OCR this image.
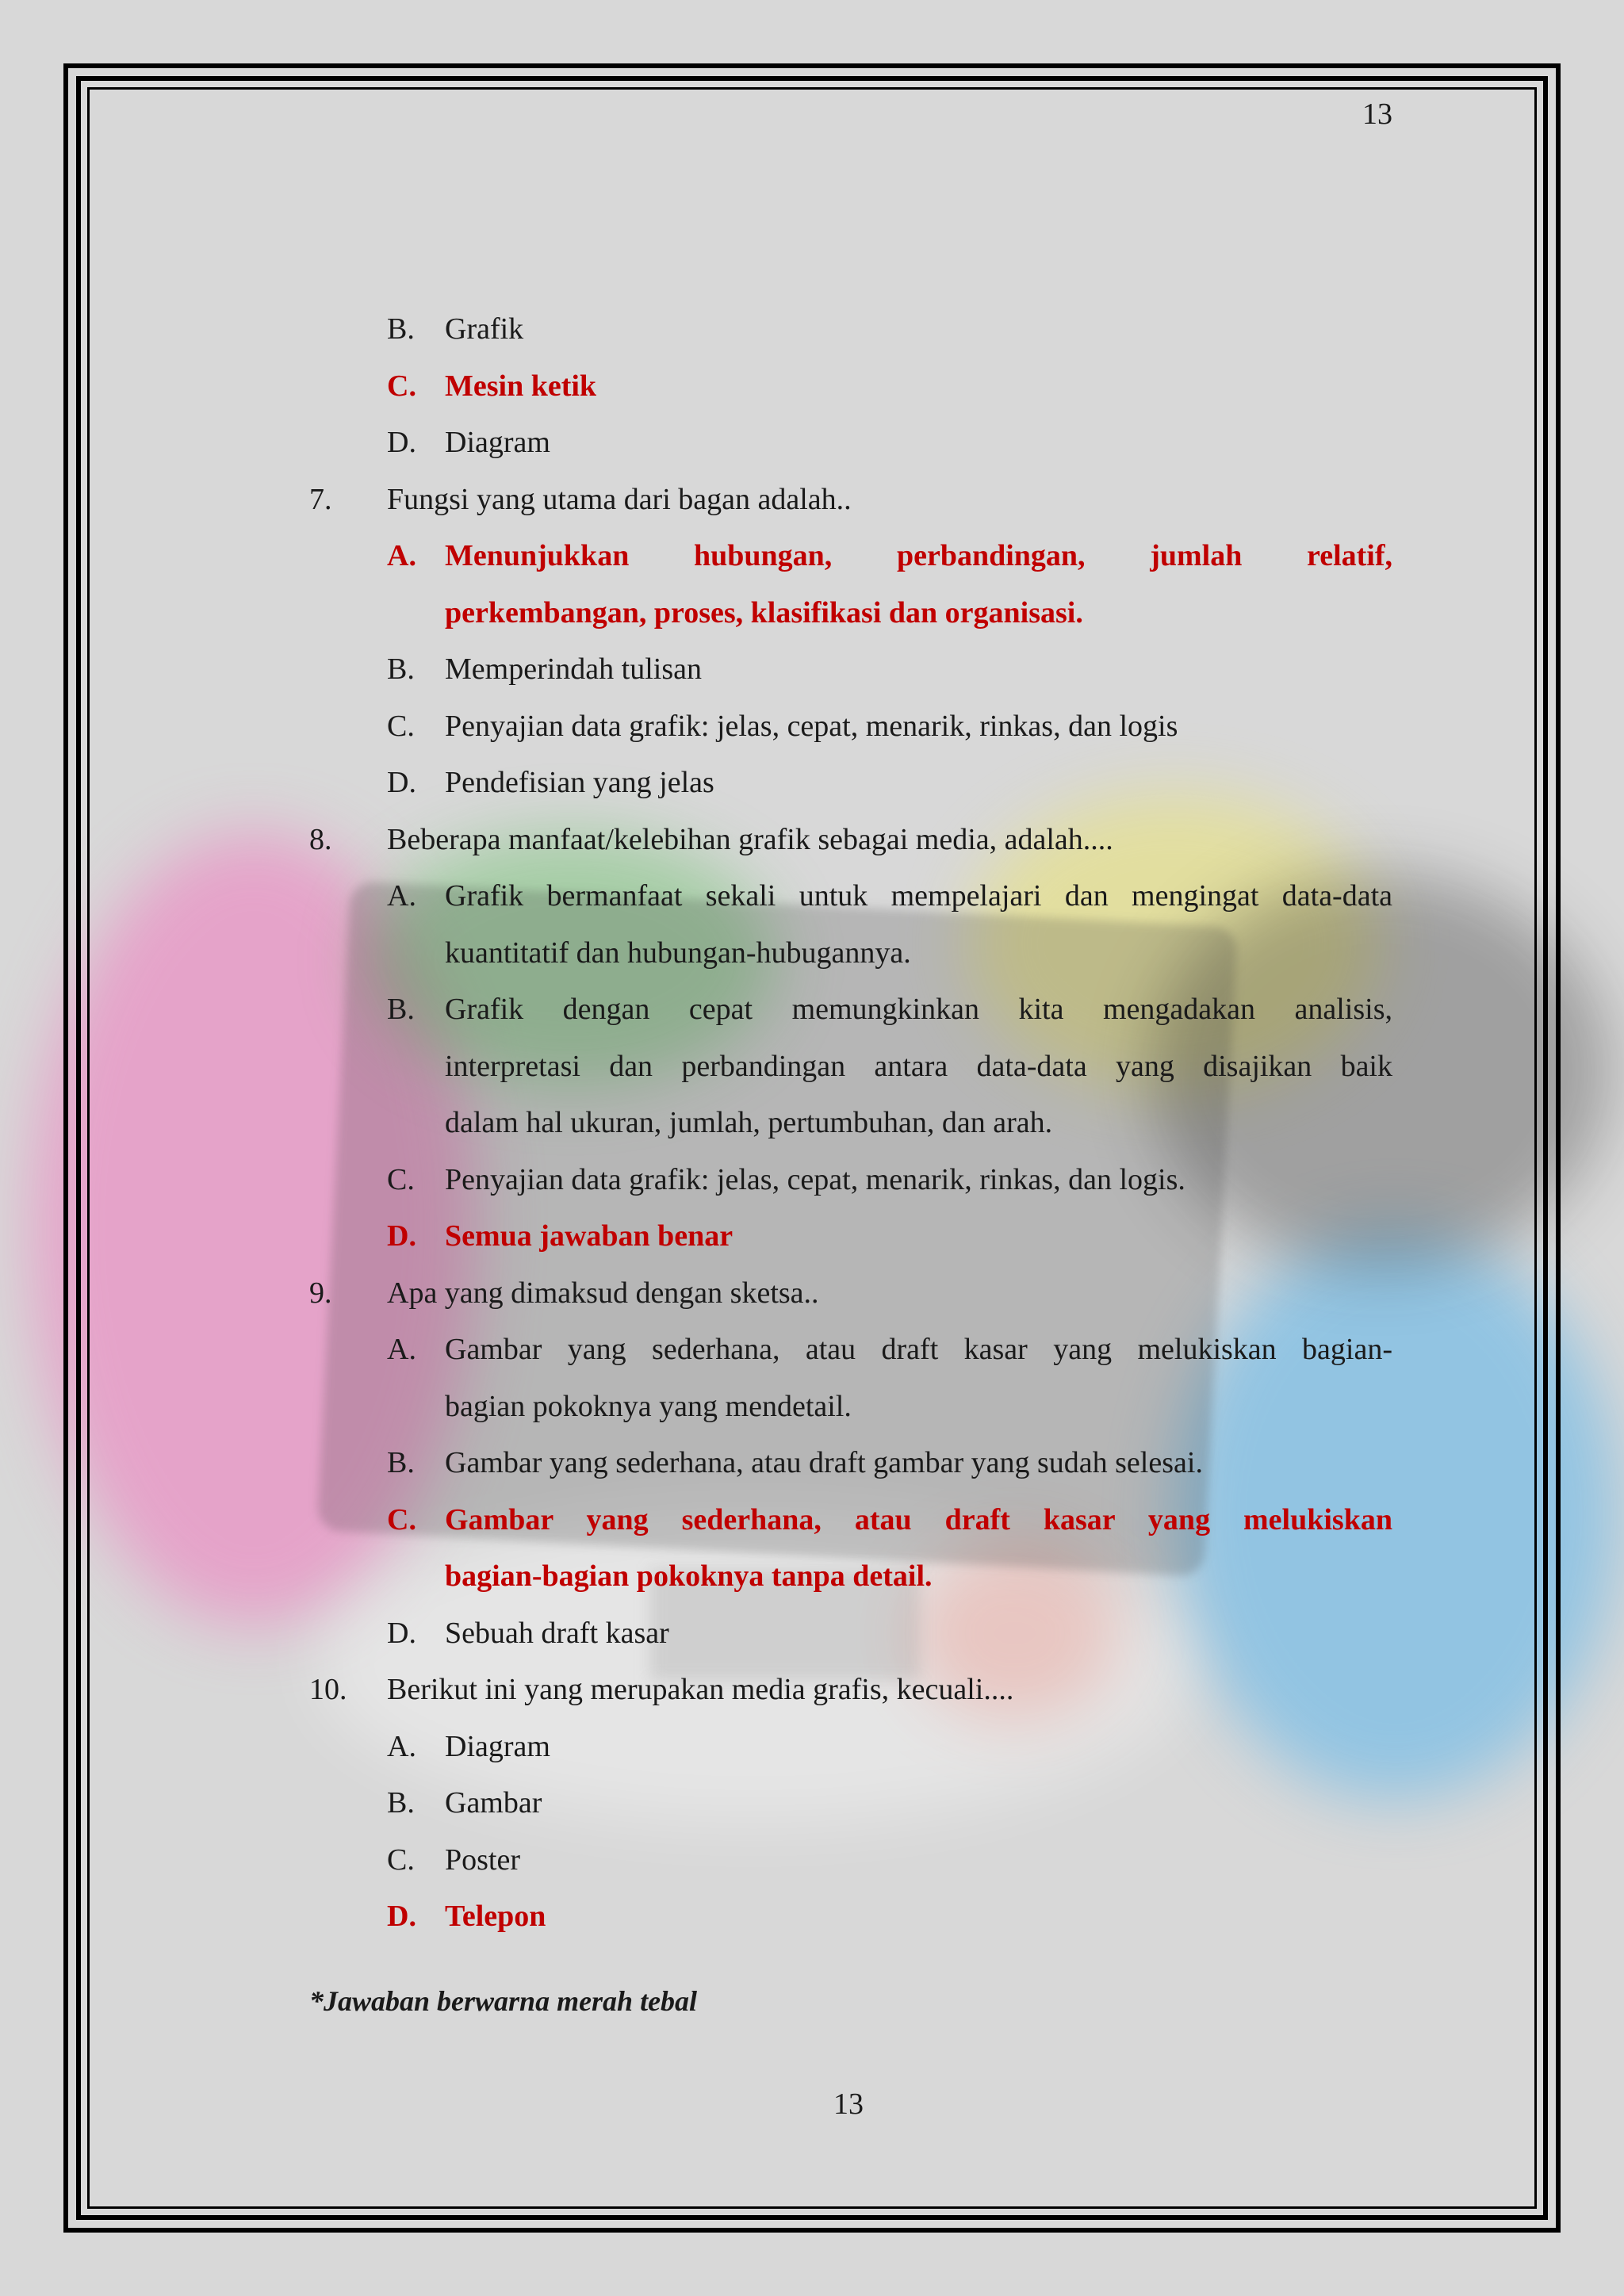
13
B. Grafik
C. Mesin ketik
D. Diagram
7. Fungsi yang utama dari bagan adalah..
A. Menunjukkan hubungan, perbandingan, jumlah relatif,
perkembangan, proses, klasifikasi dan organisasi.
B. Memperindah tulisan
C. Penyajian data grafik: jelas, cepat, menarik, rinkas, dan logis
D. Pendefisian yang jelas
8. Beberapa manfaat/kelebihan grafik sebagai media, adalah....
A. Grafik bermanfaat sekali untuk mempelajari dan mengingat data-data
kuantitatif dan hubungan-hubugannya.
B. Grafik dengan cepat memungkinkan kita mengadakan analisis,
interpretasi dan perbandingan antara data-data yang disajikan baik
dalam hal ukuran, jumlah, pertumbuhan, dan arah.
C. Penyajian data grafik: jelas, cepat, menarik, rinkas, dan logis.
D. Semua jawaban benar
9. Apa yang dimaksud dengan sketsa..
A. Gambar yang sederhana, atau draft kasar yang melukiskan bagian-
bagian pokoknya yang mendetail.
B. Gambar yang sederhana, atau draft gambar yang sudah selesai.
C. Gambar yang sederhana, atau draft kasar yang melukiskan
bagian-bagian pokoknya tanpa detail.
D. Sebuah draft kasar
10. Berikut ini yang merupakan media grafis, kecuali....
A. Diagram
B. Gambar
C. Poster
D. Telepon
*Jawaban berwarna merah tebal
13
